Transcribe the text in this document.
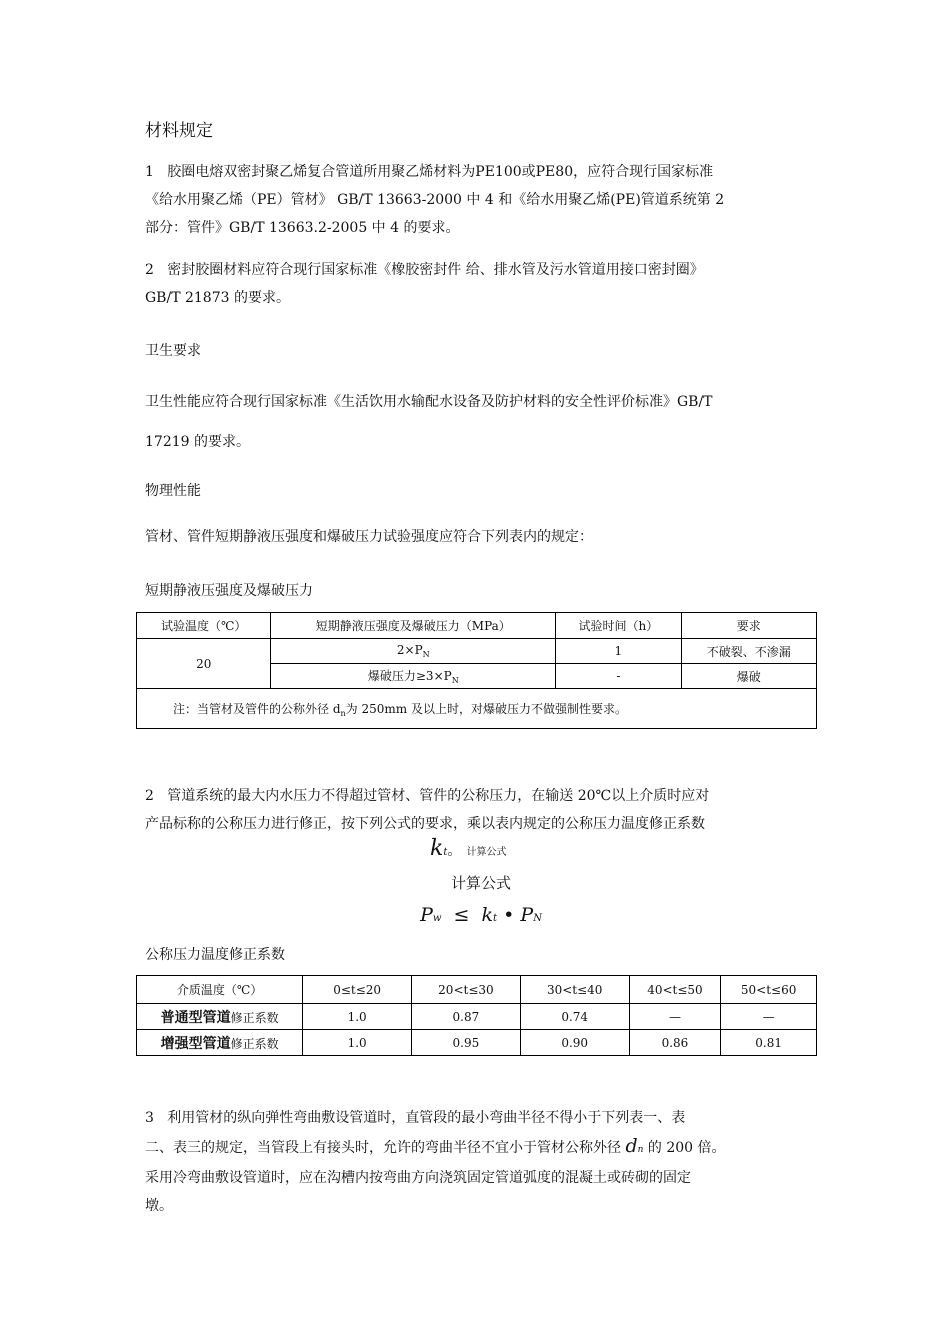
材料规定
1 胶圈电熔双密封聚乙烯复合管道所用聚乙烯材料为PE100或PE80，应符合现行国家标准
《给水用聚乙烯（PE）管材》 GB/T 13663-2000 中 4 和《给水用聚乙烯(PE)管道系统第 2
部分：管件》GB/T 13663.2-2005 中 4 的要求。
2 密封胶圈材料应符合现行国家标准《橡胶密封件 给、排水管及污水管道用接口密封圈》
GB/T 21873 的要求。
卫生要求
卫生性能应符合现行国家标准《生活饮用水输配水设备及防护材料的安全性评价标准》GB/T
17219 的要求。
物理性能
管材、管件短期静液压强度和爆破压力试验强度应符合下列表内的规定：
短期静液压强度及爆破压力
试验温度（℃）	短期静液压强度及爆破压力（MPa）	试验时间（h）	要求
20	$2\times P_N$	1	不破裂、不渗漏
	爆破压力$\ge 3\times P_N$	-	爆破
注：当管材及管件的公称外径 $d_n$为 250mm 及以上时，对爆破压力不做强制性要求。			
2 管道系统的最大内水压力不得超过管材、管件的公称压力，在输送 20℃以上介质时应对
产品标称的公称压力进行修正，按下列公式的要求，乘以表内规定的公称压力温度修正系数
kt。 计算公式
计算公式
Pw ≤ kt • PN
公称压力温度修正系数
介质温度（℃）	0≤t≤20	20<t≤30	30<t≤40	40<t≤50	50<t≤60
普通型管道修正系数	1.0	0.87	0.74	—	—
增强型管道修正系数	1.0	0.95	0.90	0.86	0.81
3 利用管材的纵向弹性弯曲敷设管道时，直管段的最小弯曲半径不得小于下列表一、表
二、表三的规定，当管段上有接头时，允许的弯曲半径不宜小于管材公称外径 dn 的 200 倍。
采用冷弯曲敷设管道时，应在沟槽内按弯曲方向浇筑固定管道弧度的混凝土或砖砌的固定
墩。
